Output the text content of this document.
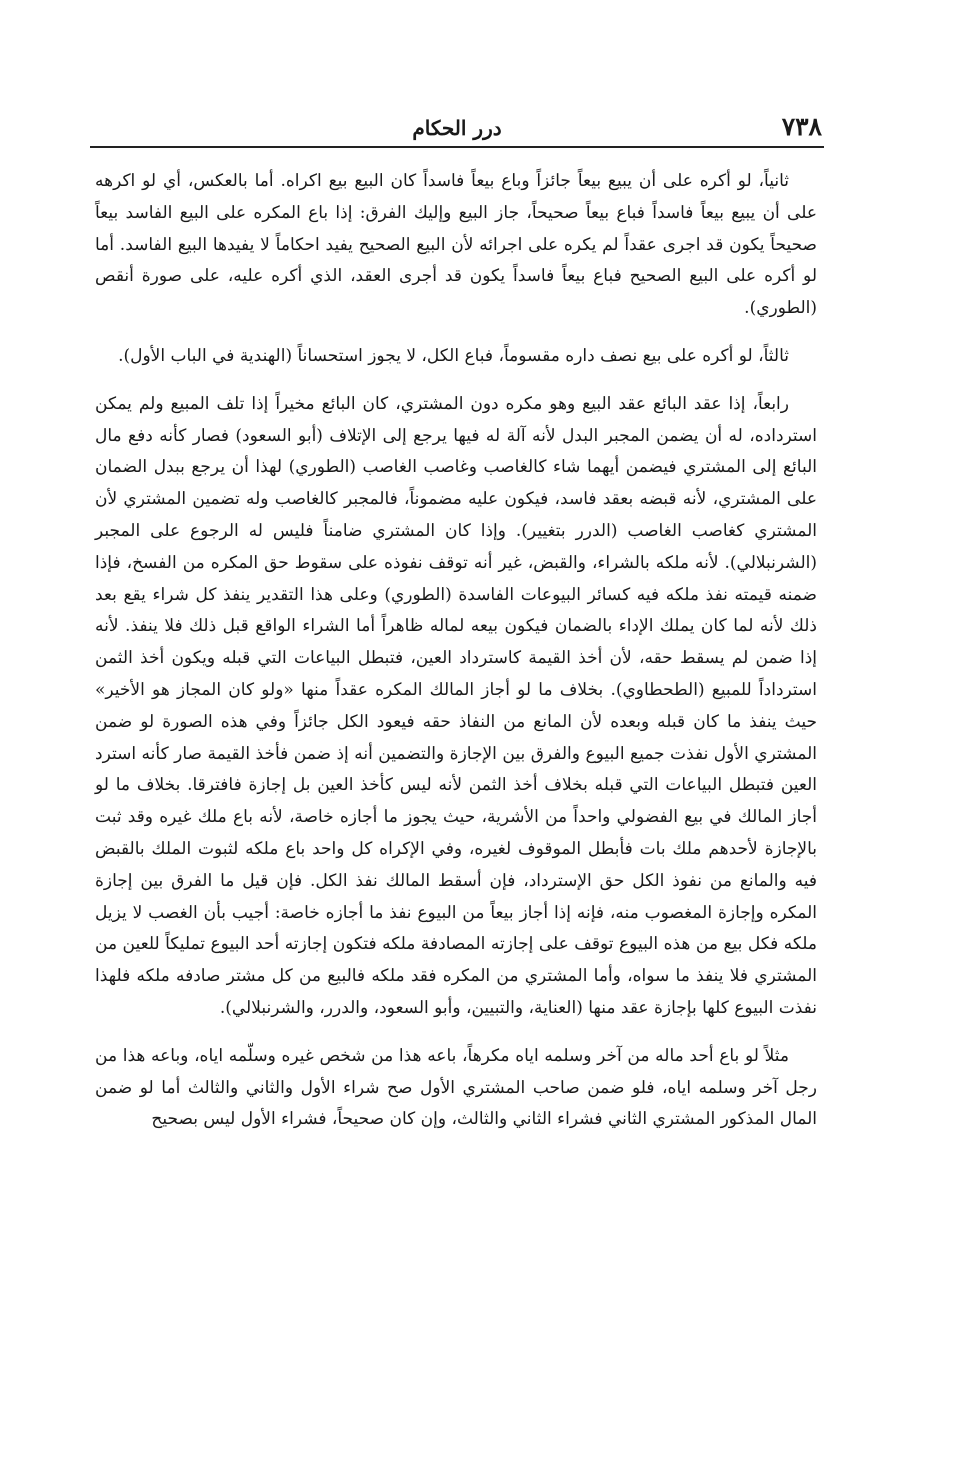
٧٣٨
درر الحكام

ثانياً، لو أكره على أن يبيع بيعاً جائزاً وباع بيعاً فاسداً كان البيع بيع اكراه. أما بالعكس، أي لو اكرهه على أن يبيع بيعاً فاسداً فباع بيعاً صحيحاً، جاز البيع وإليك الفرق: إذا باع المكره على البيع الفاسد بيعاً صحيحاً يكون قد اجرى عقداً لم يكره على اجرائه لأن البيع الصحيح يفيد احكاماً لا يفيدها البيع الفاسد. أما لو أكره على البيع الصحيح فباع بيعاً فاسداً يكون قد أجرى العقد، الذي أكره عليه، على صورة أنقص (الطوري).

ثالثاً، لو أكره على بيع نصف داره مقسوماً، فباع الكل، لا يجوز استحساناً (الهندية في الباب الأول).

رابعاً، إذا عقد البائع عقد البيع وهو مكره دون المشتري، كان البائع مخيراً إذا تلف المبيع ولم يمكن استرداده، له أن يضمن المجبر البدل لأنه آلة له فيها يرجع إلى الإتلاف (أبو السعود) فصار كأنه دفع مال البائع إلى المشتري فيضمن أيهما شاء كالغاصب وغاصب الغاصب (الطوري) لهذا أن يرجع ببدل الضمان على المشتري، لأنه قبضه بعقد فاسد، فيكون عليه مضموناً، فالمجبر كالغاصب وله تضمين المشتري لأن المشتري كغاصب الغاصب (الدرر بتغيير). وإذا كان المشتري ضامناً فليس له الرجوع على المجبر (الشرنبلالي). لأنه ملكه بالشراء، والقبض، غير أنه توقف نفوذه على سقوط حق المكره من الفسخ، فإذا ضمنه قيمته نفذ ملكه فيه كسائر البيوعات الفاسدة (الطوري) وعلى هذا التقدير ينفذ كل شراء يقع بعد ذلك لأنه لما كان يملك الإداء بالضمان فيكون بيعه لماله ظاهراً أما الشراء الواقع قبل ذلك فلا ينفذ. لأنه إذا ضمن لم يسقط حقه، لأن أخذ القيمة كاسترداد العين، فتبطل البياعات التي قبله ويكون أخذ الثمن استرداداً للمبيع (الطحطاوي). بخلاف ما لو أجاز المالك المكره عقداً منها «ولو كان المجاز هو الأخير» حيث ينفذ ما كان قبله وبعده لأن المانع من النفاذ حقه فيعود الكل جائزاً وفي هذه الصورة لو ضمن المشتري الأول نفذت جميع البيوع والفرق بين الإجازة والتضمين أنه إذ ضمن فأخذ القيمة صار كأنه استرد العين فتبطل البياعات التي قبله بخلاف أخذ الثمن لأنه ليس كأخذ العين بل إجازة فافترقا. بخلاف ما لو أجاز المالك في بيع الفضولي واحداً من الأشرية، حيث يجوز ما أجازه خاصة، لأنه باع ملك غيره وقد ثبت بالإجازة لأحدهم ملك بات فأبطل الموقوف لغيره، وفي الإكراه كل واحد باع ملكه لثبوت الملك بالقبض فيه والمانع من نفوذ الكل حق الإسترداد، فإن أسقط المالك نفذ الكل. فإن قيل ما الفرق بين إجازة المكره وإجازة المغصوب منه، فإنه إذا أجاز بيعاً من البيوع نفذ ما أجازه خاصة: أجيب بأن الغصب لا يزيل ملكه فكل بيع من هذه البيوع توقف على إجازته المصادفة ملكه فتكون إجازته أحد البيوع تمليكاً للعين من المشتري فلا ينفذ ما سواه، وأما المشتري من المكره فقد ملكه فالبيع من كل مشتر صادفه ملكه فلهذا نفذت البيوع كلها بإجازة عقد منها (العناية، والتبيين، وأبو السعود، والدرر، والشرنبلالي).

مثلاً لو باع أحد ماله من آخر وسلمه اياه مكرهاً، باعه هذا من شخص غيره وسلّمه اياه، وباعه هذا من رجل آخر وسلمه اياه، فلو ضمن صاحب المشتري الأول صح شراء الأول والثاني والثالث أما لو ضمن المال المذكور المشتري الثاني فشراء الثاني والثالث، وإن كان صحيحاً، فشراء الأول ليس بصحيح
